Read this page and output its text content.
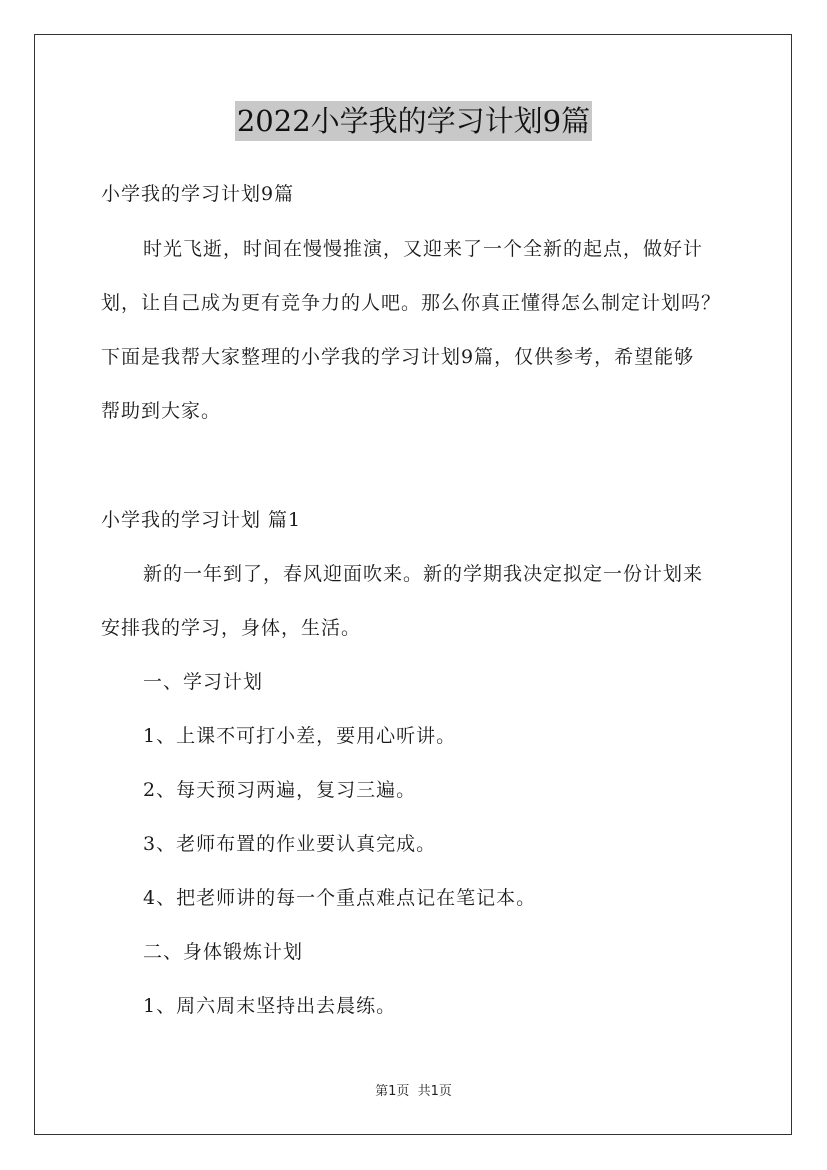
2022小学我的学习计划9篇
小学我的学习计划9篇
时光飞逝，时间在慢慢推演，又迎来了一个全新的起点，做好计
划，让自己成为更有竞争力的人吧。那么你真正懂得怎么制定计划吗？
下面是我帮大家整理的小学我的学习计划9篇，仅供参考，希望能够
帮助到大家。
小学我的学习计划 篇1
新的一年到了，春风迎面吹来。新的学期我决定拟定一份计划来
安排我的学习，身体，生活。
一、学习计划
1、上课不可打小差，要用心听讲。
2、每天预习两遍，复习三遍。
3、老师布置的作业要认真完成。
4、把老师讲的每一个重点难点记在笔记本。
二、身体锻炼计划
1、周六周末坚持出去晨练。
第1页 共1页
